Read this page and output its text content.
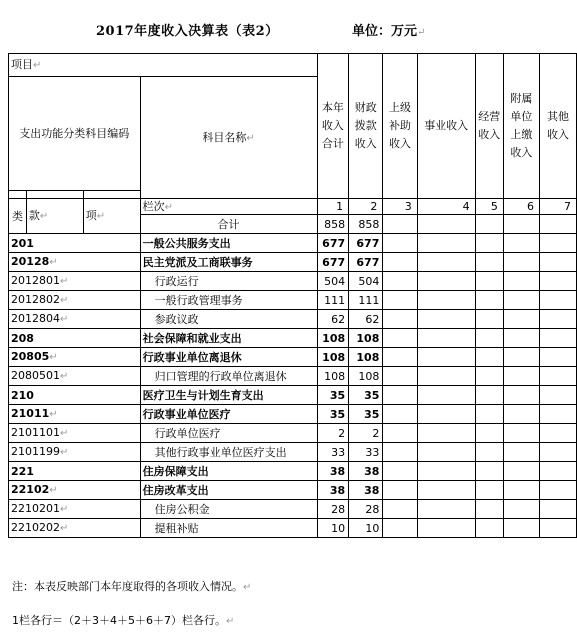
2017年度收入决算表（表2）	单位：万元↵
项目↵				本年收入合计	财政拨款收入	上级补助收入	事业收入	经营收入	附属单位上缴收入	其他收入
支出功能分类科目编码			科目名称↵							

类	款↵	项↵	栏次↵	1	2	3	4	5	6	7
			合计	858	858					
201			一般公共服务支出	677	677					
20128↵			民主党派及工商联事务	677	677					
2012801↵			行政运行	504	504					
2012802↵			一般行政管理事务	111	111					
2012804↵			参政议政	62	62					
208			社会保障和就业支出	108	108					
20805↵			行政事业单位离退休	108	108					
2080501↵			归口管理的行政单位离退休	108	108					
210			医疗卫生与计划生育支出	35	35					
21011↵			行政事业单位医疗	35	35					
2101101↵			行政单位医疗	2	2					
2101199↵			其他行政事业单位医疗支出	33	33					
221			住房保障支出	38	38					
22102↵			住房改革支出	38	38					
2210201↵			住房公积金	28	28					
2210202↵			提租补贴	10	10					
注：本表反映部门本年度取得的各项收入情况。↵
1栏各行＝（2＋3＋4＋5＋6＋7）栏各行。↵
